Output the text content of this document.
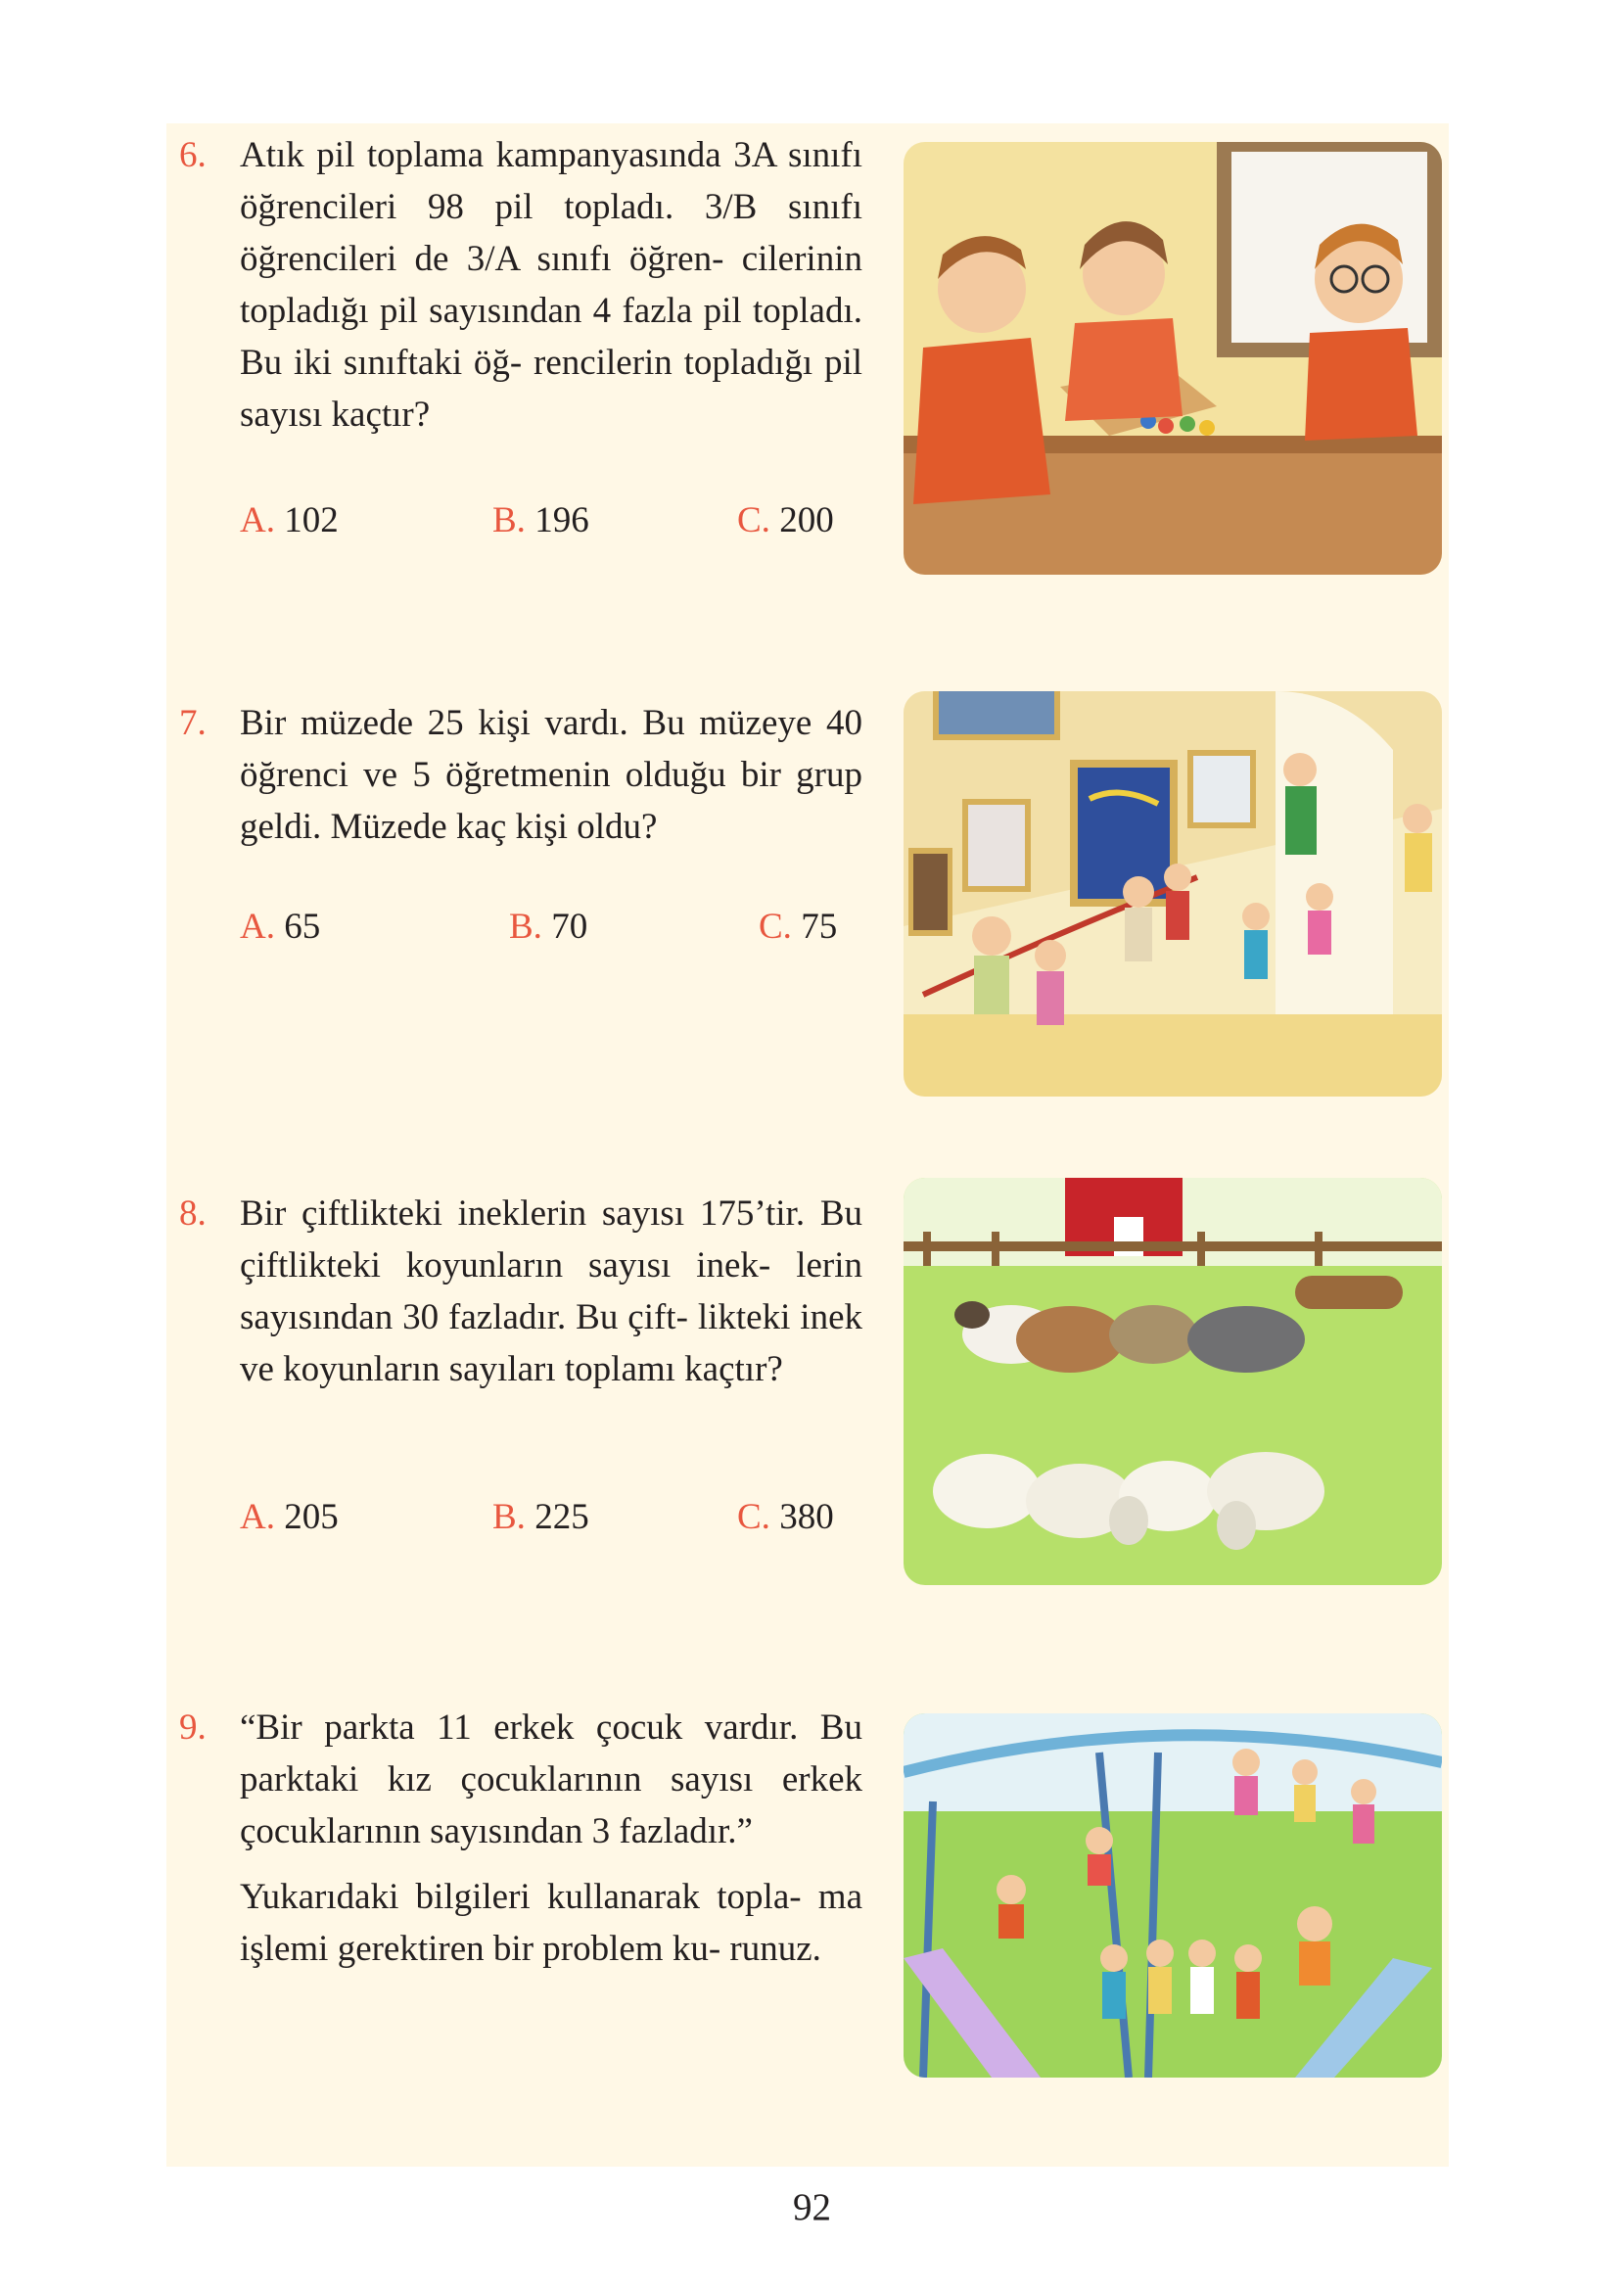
6. Atık pil toplama kampanyasında 3A sınıfı öğrencileri 98 pil topladı. 3/B sınıfı öğrencileri de 3/A sınıfı öğren- cilerinin topladığı pil sayısından 4 fazla pil topladı. Bu iki sınıftaki öğ- rencilerin topladığı pil sayısı kaçtır?

A. 102	B. 196	C. 200
7. Bir müzede 25 kişi vardı. Bu müzeye 40 öğrenci ve 5 öğretmenin olduğu bir grup geldi. Müzede kaç kişi oldu?

A. 65	B. 70	C. 75
8. Bir çiftlikteki ineklerin sayısı 175’tir. Bu çiftlikteki koyunların sayısı inek- lerin sayısından 30 fazladır. Bu çift- likteki inek ve koyunların sayıları toplamı kaçtır?

A. 205	B. 225	C. 380
9. “Bir parkta 11 erkek çocuk vardır. Bu parktaki kız çocuklarının sayısı erkek çocuklarının sayısından 3 fazladır.”

Yukarıdaki bilgileri kullanarak topla- ma işlemi gerektiren bir problem ku- runuz.

92
